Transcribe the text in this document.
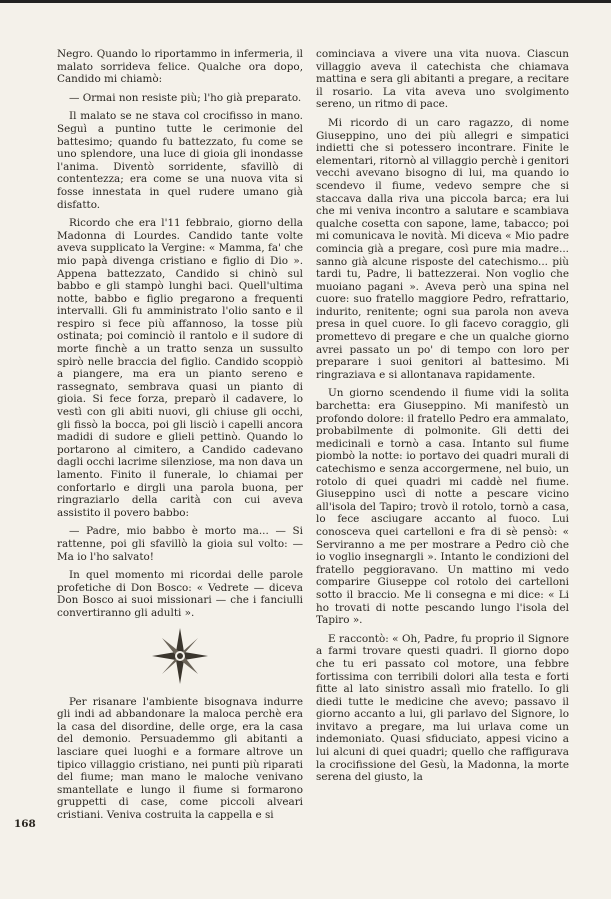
Negro. Quando lo riportammo in infermeria, il malato sorrideva felice. Qualche ora dopo, Candido mi chiamò:

— Ormai non resiste più; l'ho già preparato.

Il malato se ne stava col crocifisso in mano. Seguì a puntino tutte le cerimonie del battesimo; quando fu battezzato, fu come se uno splendore, una luce di gioia gli inondasse l'anima. Diventò sorridente, sfavillò di contentezza; era come se una nuova vita si fosse innestata in quel rudere umano già disfatto.

Ricordo che era l'11 febbraio, giorno della Madonna di Lourdes. Candido tante volte aveva supplicato la Vergine: « Mamma, fa' che mio papà divenga cristiano e figlio di Dio ». Appena battezzato, Candido si chinò sul babbo e gli stampò lunghi baci. Quell'ultima notte, babbo e figlio pregarono a frequenti intervalli. Gli fu amministrato l'olio santo e il respiro si fece più affannoso, la tosse più ostinata; poi cominciò il rantolo e il sudore di morte finchè a un tratto senza un sussulto spirò nelle braccia del figlio. Candido scoppiò a piangere, ma era un pianto sereno e rassegnato, sembrava quasi un pianto di gioia. Si fece forza, preparò il cadavere, lo vestì con gli abiti nuovi, gli chiuse gli occhi, gli fissò la bocca, poi gli lisciò i capelli ancora madidi di sudore e glieli pettinò. Quando lo portarono al cimitero, a Candido cadevano dagli occhi lacrime silenziose, ma non dava un lamento. Finito il funerale, lo chiamai per confortarlo e dirgli una parola buona, per ringraziarlo della carità con cui aveva assistito il povero babbo:

— Padre, mio babbo è morto ma... — Si rattenne, poi gli sfavillò la gioia sul volto: — Ma io l'ho salvato!

In quel momento mi ricordai delle parole profetiche di Don Bosco: « Vedrete — diceva Don Bosco ai suoi missionari — che i fanciulli convertiranno gli adulti ».

Per risanare l'ambiente bisognava indurre gli indi ad abbandonare la maloca perchè era la casa del disordine, delle orge, era la casa del demonio. Persuademmo gli abitanti a lasciare quei luoghi e a formare altrove un tipico villaggio cristiano, nei punti più riparati del fiume; man mano le maloche venivano smantellate e lungo il fiume si formarono gruppetti di case, come piccoli alveari cristiani. Veniva costruita la cappella e si

cominciava a vivere una vita nuova. Ciascun villaggio aveva il catechista che chiamava mattina e sera gli abitanti a pregare, a recitare il rosario. La vita aveva uno svolgimento sereno, un ritmo di pace.

Mi ricordo di un caro ragazzo, di nome Giuseppino, uno dei più allegri e simpatici indietti che si potessero incontrare. Finite le elementari, ritornò al villaggio perchè i genitori vecchi avevano bisogno di lui, ma quando io scendevo il fiume, vedevo sempre che si staccava dalla riva una piccola barca; era lui che mi veniva incontro a salutare e scambiava qualche cosetta con sapone, lame, tabacco; poi mi comunicava le novità. Mi diceva « Mio padre comincia già a pregare, così pure mia madre... sanno già alcune risposte del catechismo... più tardi tu, Padre, li battezzerai. Non voglio che muoiano pagani ». Aveva però una spina nel cuore: suo fratello maggiore Pedro, refrattario, indurito, renitente; ogni sua parola non aveva presa in quel cuore. Io gli facevo coraggio, gli promettevo di pregare e che un qualche giorno avrei passato un po' di tempo con loro per preparare i suoi genitori al battesimo. Mi ringraziava e si allontanava rapidamente.

Un giorno scendendo il fiume vidi la solita barchetta: era Giuseppino. Mi manifestò un profondo dolore: il fratello Pedro era ammalato, probabilmente di polmonite. Gli detti dei medicinali e tornò a casa. Intanto sul fiume piombò la notte: io portavo dei quadri murali di catechismo e senza accorgermene, nel buio, un rotolo di quei quadri mi caddè nel fiume. Giuseppino uscì di notte a pescare vicino all'isola del Tapiro; trovò il rotolo, tornò a casa, lo fece asciugare accanto al fuoco. Lui conosceva quei cartelloni e fra di sè pensò: « Serviranno a me per mostrare a Pedro ciò che io voglio insegnargli ». Intanto le condizioni del fratello peggioravano. Un mattino mi vedo comparire Giuseppe col rotolo dei cartelloni sotto il braccio. Me li consegna e mi dice: « Li ho trovati di notte pescando lungo l'isola del Tapiro ».

E raccontò: « Oh, Padre, fu proprio il Signore a farmi trovare questi quadri. Il giorno dopo che tu eri passato col motore, una febbre fortissima con terribili dolori alla testa e forti fitte al lato sinistro assalì mio fratello. Io gli diedi tutte le medicine che avevo; passavo il giorno accanto a lui, gli parlavo del Signore, lo invitavo a pregare, ma lui urlava come un indemoniato. Quasi sfiduciato, appesi vicino a lui alcuni di quei quadri; quello che raffigurava la crocifissione del Gesù, la Madonna, la morte serena del giusto, la

168
